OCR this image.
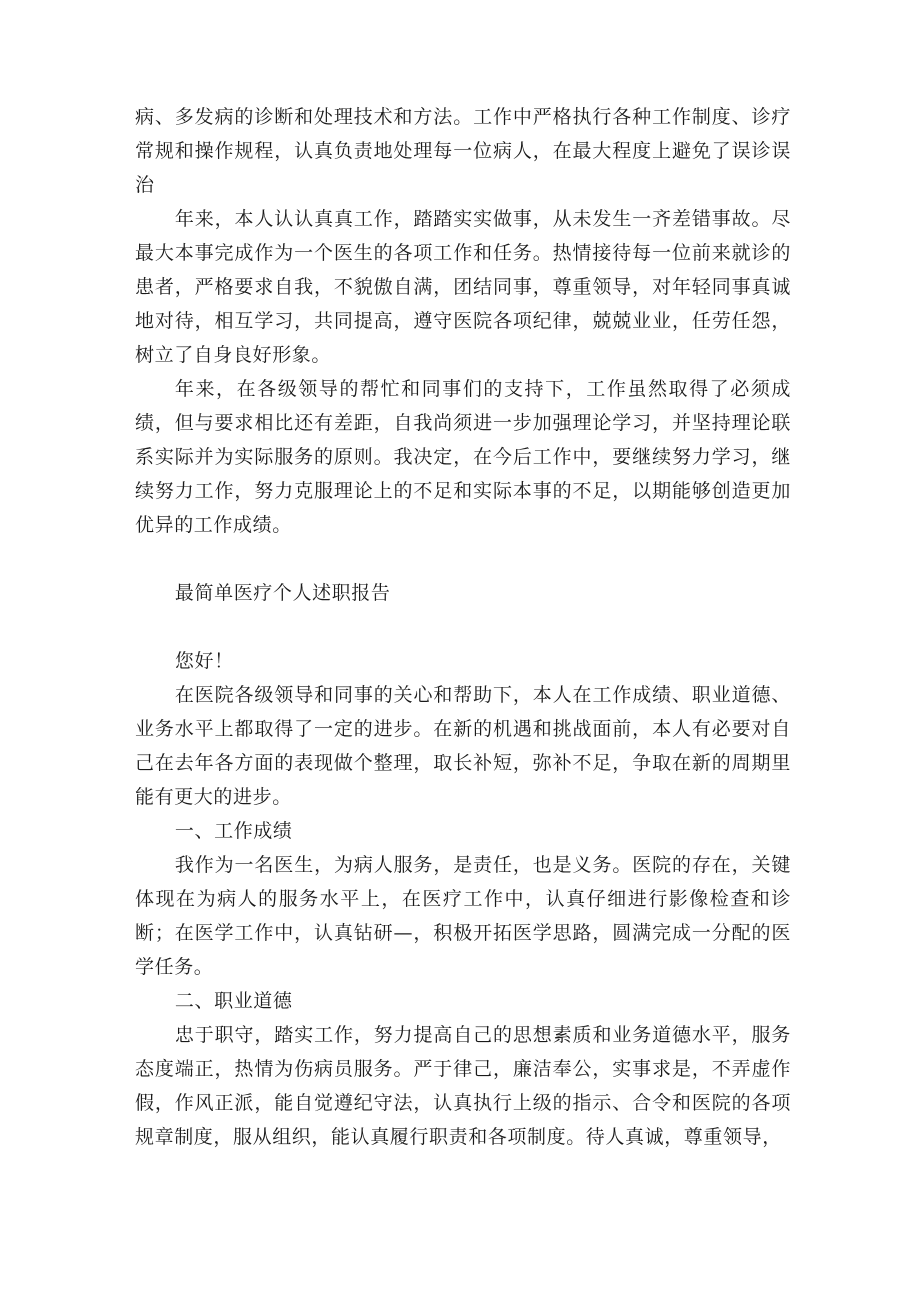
病、多发病的诊断和处理技术和方法。工作中严格执行各种工作制度、诊疗常规和操作规程，认真负责地处理每一位病人，在最大程度上避免了误诊误治

年来，本人认认真真工作，踏踏实实做事，从未发生一齐差错事故。尽最大本事完成作为一个医生的各项工作和任务。热情接待每一位前来就诊的患者，严格要求自我，不貌傲自满，团结同事，尊重领导，对年轻同事真诚地对待，相互学习，共同提高，遵守医院各项纪律，兢兢业业，任劳任怨，树立了自身良好形象。

年来，在各级领导的帮忙和同事们的支持下，工作虽然取得了必须成绩，但与要求相比还有差距，自我尚须进一步加强理论学习，并坚持理论联系实际并为实际服务的原则。我决定，在今后工作中，要继续努力学习，继续努力工作，努力克服理论上的不足和实际本事的不足，以期能够创造更加优异的工作成绩。

最简单医疗个人述职报告

您好！

在医院各级领导和同事的关心和帮助下，本人在工作成绩、职业道德、业务水平上都取得了一定的进步。在新的机遇和挑战面前，本人有必要对自己在去年各方面的表现做个整理，取长补短，弥补不足，争取在新的周期里能有更大的进步。

一、工作成绩

我作为一名医生，为病人服务，是责任，也是义务。医院的存在，关键体现在为病人的服务水平上，在医疗工作中，认真仔细进行影像检查和诊断；在医学工作中，认真钻研—，积极开拓医学思路，圆满完成一分配的医学任务。

二、职业道德

忠于职守，踏实工作，努力提高自己的思想素质和业务道德水平，服务态度端正，热情为伤病员服务。严于律己，廉洁奉公，实事求是，不弄虚作假，作风正派，能自觉遵纪守法，认真执行上级的指示、合令和医院的各项规章制度，服从组织，能认真履行职责和各项制度。待人真诚，尊重领导，
